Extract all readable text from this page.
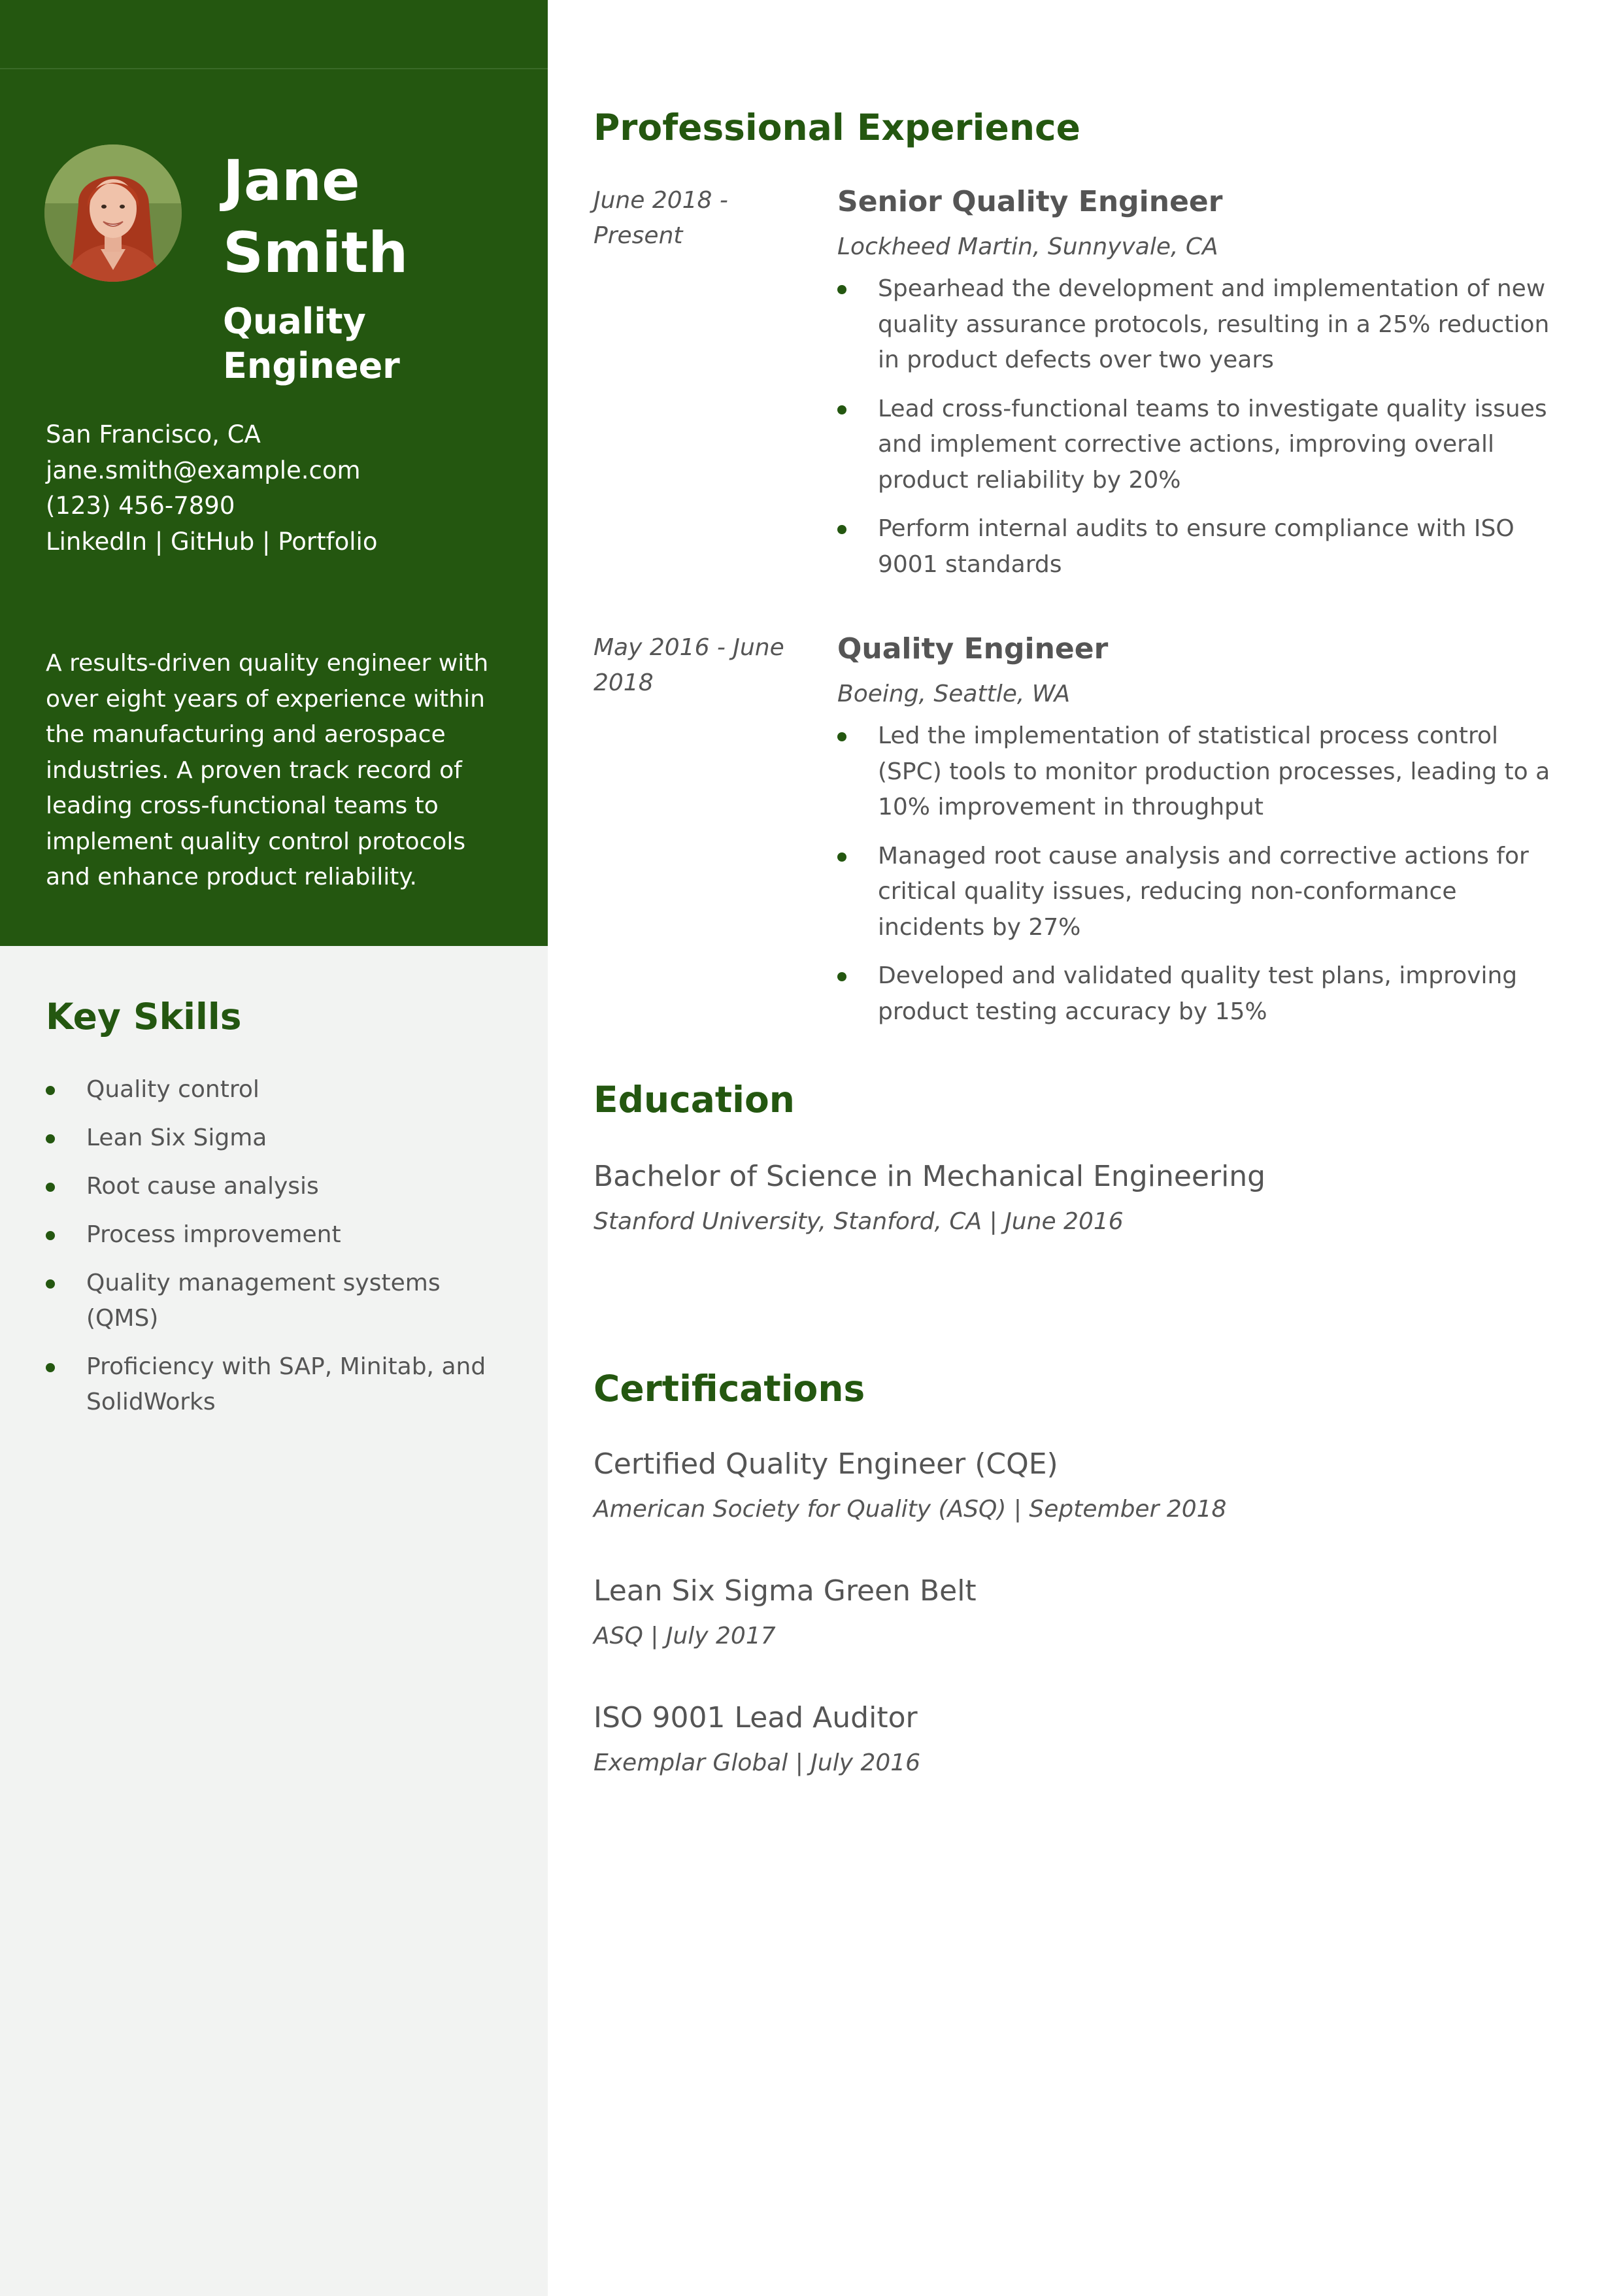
Jane
Smith
Quality
Engineer
San Francisco, CA
jane.smith@example.com
(123) 456-7890
LinkedIn | GitHub | Portfolio
A results-driven quality engineer with over eight years of experience within the manufacturing and aerospace industries. A proven track record of leading cross-functional teams to implement quality control protocols and enhance product reliability.
Key Skills
Quality control
Lean Six Sigma
Root cause analysis
Process improvement
Quality management systems (QMS)
Proficiency with SAP, Minitab, and SolidWorks
Professional Experience
June 2018 - Present
Senior Quality Engineer
Lockheed Martin, Sunnyvale, CA
Spearhead the development and implementation of new quality assurance protocols, resulting in a 25% reduction in product defects over two years
Lead cross-functional teams to investigate quality issues and implement corrective actions, improving overall product reliability by 20%
Perform internal audits to ensure compliance with ISO 9001 standards
May 2016 - June 2018
Quality Engineer
Boeing, Seattle, WA
Led the implementation of statistical process control (SPC) tools to monitor production processes, leading to a 10% improvement in throughput
Managed root cause analysis and corrective actions for critical quality issues, reducing non-conformance incidents by 27%
Developed and validated quality test plans, improving product testing accuracy by 15%
Education
Bachelor of Science in Mechanical Engineering
Stanford University, Stanford, CA | June 2016
Certifications
Certified Quality Engineer (CQE)
American Society for Quality (ASQ) | September 2018
Lean Six Sigma Green Belt
ASQ | July 2017
ISO 9001 Lead Auditor
Exemplar Global | July 2016
